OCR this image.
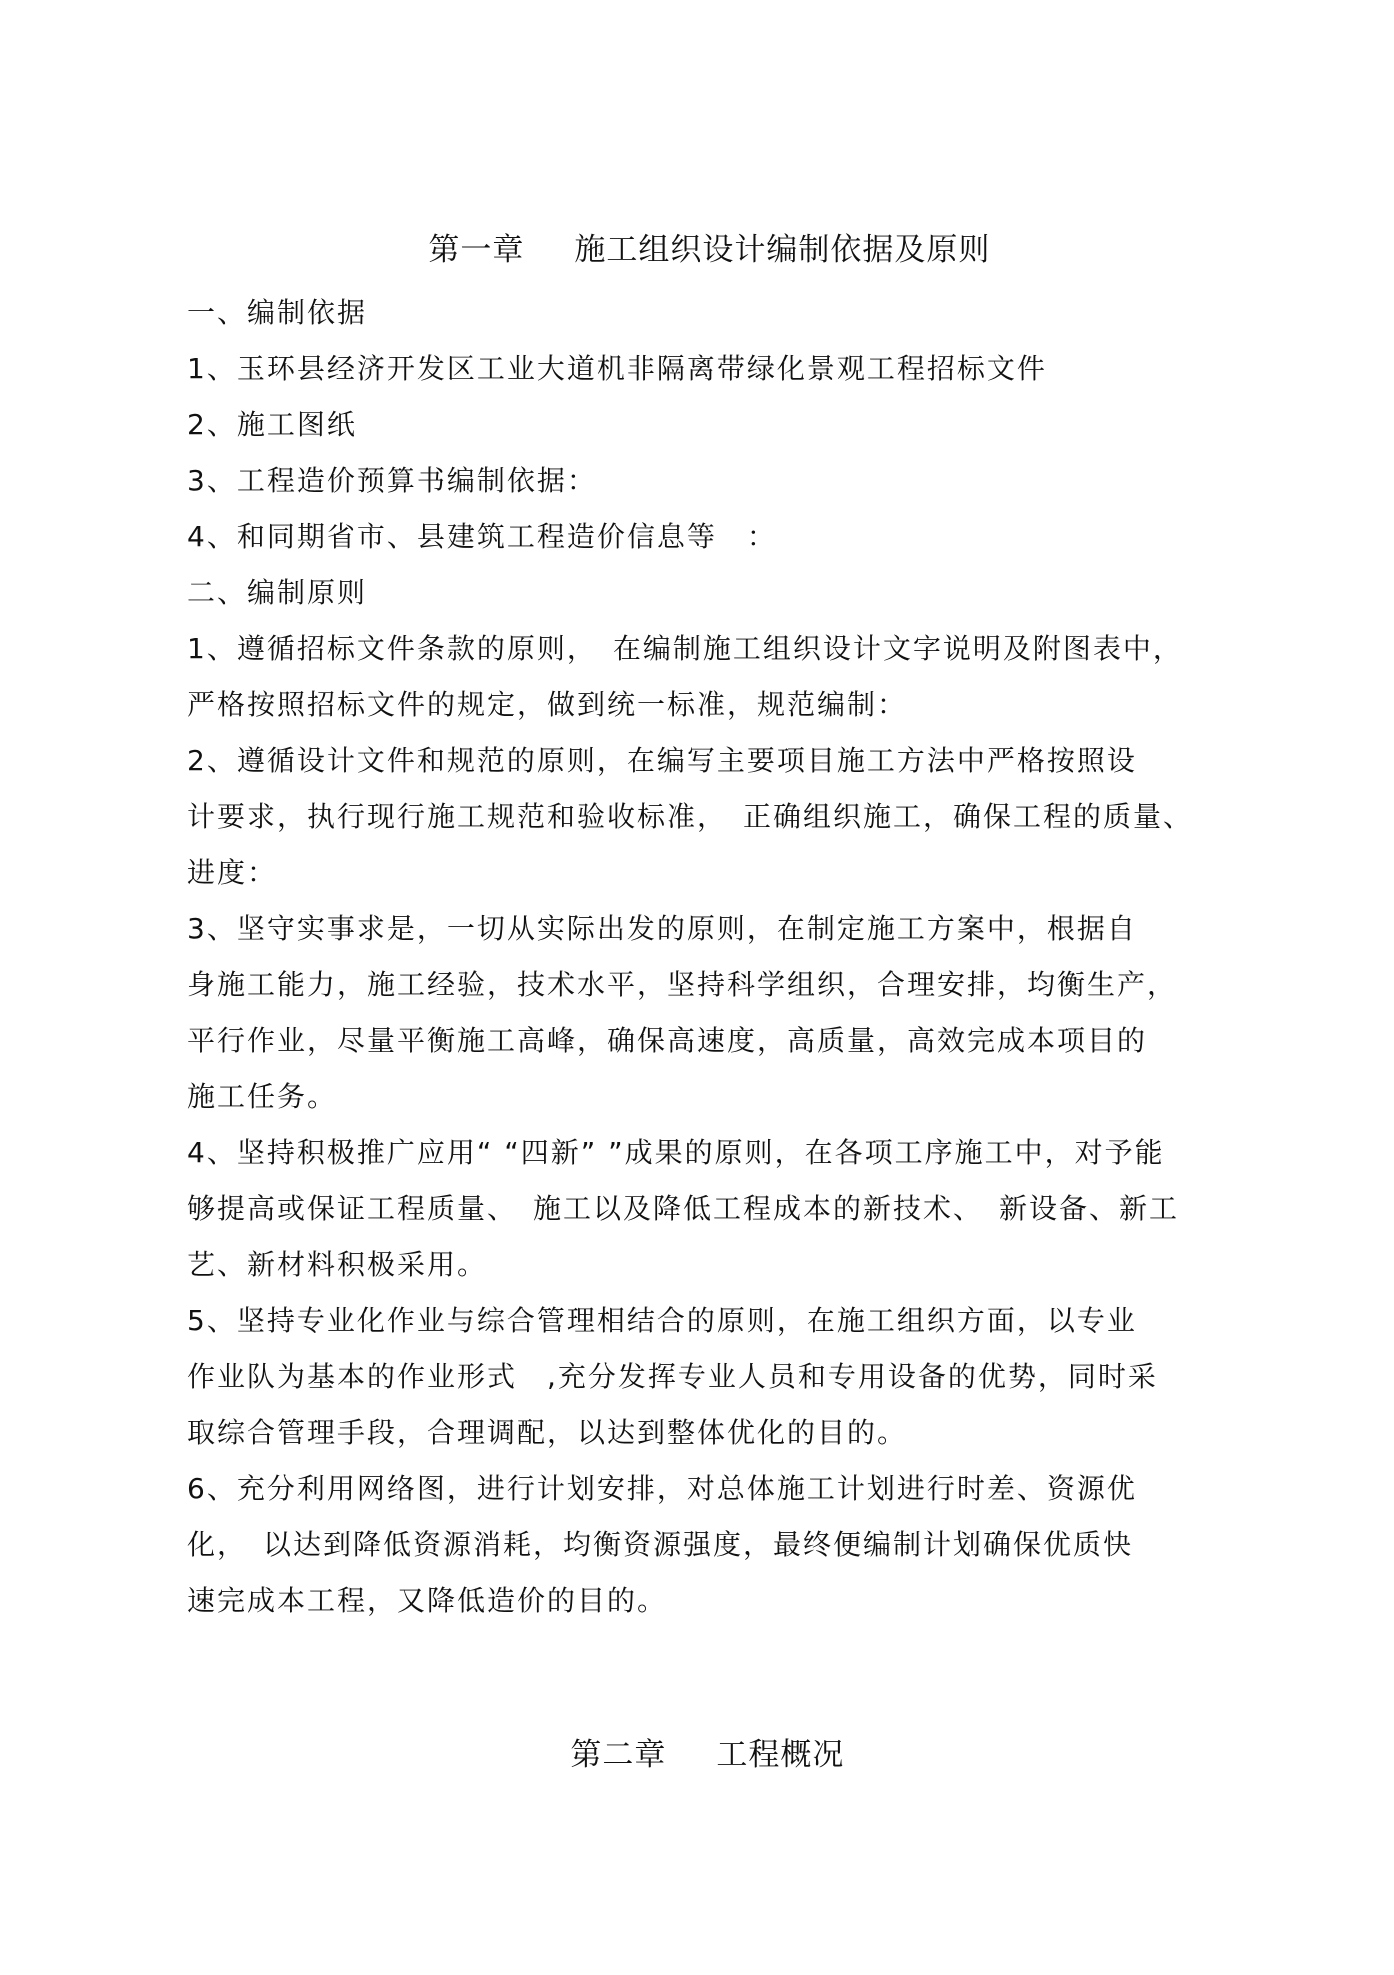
第一章 施工组织设计编制依据及原则

一、编制依据
1、玉环县经济开发区工业大道机非隔离带绿化景观工程招标文件
2、施工图纸
3、工程造价预算书编制依据：
4、和同期省市、县建筑工程造价信息等　：
二、编制原则
1、遵循招标文件条款的原则，　在编制施工组织设计文字说明及附图表中，
严格按照招标文件的规定，做到统一标准，规范编制：
2、遵循设计文件和规范的原则，在编写主要项目施工方法中严格按照设
计要求，执行现行施工规范和验收标准，　正确组织施工，确保工程的质量、
进度：
3、坚守实事求是，一切从实际出发的原则，在制定施工方案中，根据自
身施工能力，施工经验，技术水平，坚持科学组织，合理安排，均衡生产，
平行作业，尽量平衡施工高峰，确保高速度，高质量，高效完成本项目的
施工任务。
4、坚持积极推广应用“ “四新” ”成果的原则，在各项工序施工中，对予能
够提高或保证工程质量、　施工以及降低工程成本的新技术、　新设备、新工
艺、新材料积极采用。
5、坚持专业化作业与综合管理相结合的原则，在施工组织方面，以专业
作业队为基本的作业形式　,充分发挥专业人员和专用设备的优势，同时采
取综合管理手段，合理调配，以达到整体优化的目的。
6、充分利用网络图，进行计划安排，对总体施工计划进行时差、资源优
化，　以达到降低资源消耗，均衡资源强度，最终便编制计划确保优质快
速完成本工程，又降低造价的目的。

第二章 工程概况
